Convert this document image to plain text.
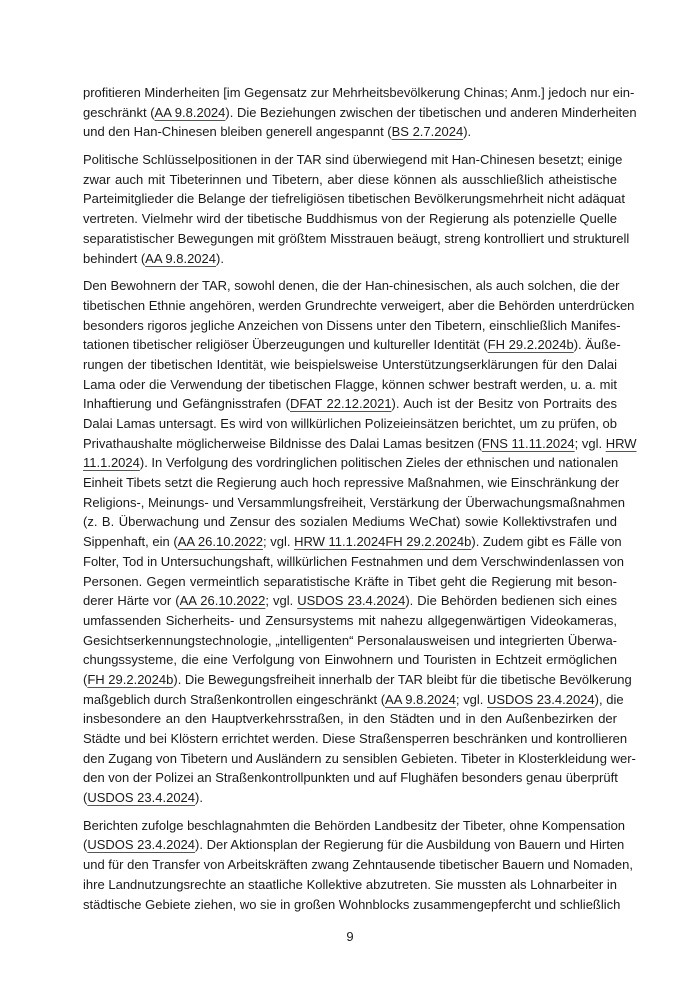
profitieren Minderheiten [im Gegensatz zur Mehrheitsbevölkerung Chinas; Anm.] jedoch nur ein-
geschränkt (AA 9.8.2024). Die Beziehungen zwischen der tibetischen und anderen Minderheiten
und den Han-Chinesen bleiben generell angespannt (BS 2.7.2024).
Politische Schlüsselpositionen in der TAR sind überwiegend mit Han-Chinesen besetzt; einige
zwar auch mit Tibeterinnen und Tibetern, aber diese können als ausschließlich atheistische
Parteimitglieder die Belange der tiefreligiösen tibetischen Bevölkerungsmehrheit nicht adäquat
vertreten. Vielmehr wird der tibetische Buddhismus von der Regierung als potenzielle Quelle
separatistischer Bewegungen mit größtem Misstrauen beäugt, streng kontrolliert und strukturell
behindert (AA 9.8.2024).
Den Bewohnern der TAR, sowohl denen, die der Han-chinesischen, als auch solchen, die der
tibetischen Ethnie angehören, werden Grundrechte verweigert, aber die Behörden unterdrücken
besonders rigoros jegliche Anzeichen von Dissens unter den Tibetern, einschließlich Manifes-
tationen tibetischer religiöser Überzeugungen und kultureller Identität (FH 29.2.2024b). Äuße-
rungen der tibetischen Identität, wie beispielsweise Unterstützungserklärungen für den Dalai
Lama oder die Verwendung der tibetischen Flagge, können schwer bestraft werden, u. a. mit
Inhaftierung und Gefängnisstrafen (DFAT 22.12.2021). Auch ist der Besitz von Portraits des
Dalai Lamas untersagt. Es wird von willkürlichen Polizeieinsätzen berichtet, um zu prüfen, ob
Privathaushalte möglicherweise Bildnisse des Dalai Lamas besitzen (FNS 11.11.2024; vgl. HRW
11.1.2024). In Verfolgung des vordringlichen politischen Zieles der ethnischen und nationalen
Einheit Tibets setzt die Regierung auch hoch repressive Maßnahmen, wie Einschränkung der
Religions-, Meinungs- und Versammlungsfreiheit, Verstärkung der Überwachungsmaßnahmen
(z. B. Überwachung und Zensur des sozialen Mediums WeChat) sowie Kollektivstrafen und
Sippenhaft, ein (AA 26.10.2022; vgl. HRW 11.1.2024FH 29.2.2024b). Zudem gibt es Fälle von
Folter, Tod in Untersuchungshaft, willkürlichen Festnahmen und dem Verschwindenlassen von
Personen. Gegen vermeintlich separatistische Kräfte in Tibet geht die Regierung mit beson-
derer Härte vor (AA 26.10.2022; vgl. USDOS 23.4.2024). Die Behörden bedienen sich eines
umfassenden Sicherheits- und Zensursystems mit nahezu allgegenwärtigen Videokameras,
Gesichtserkennungstechnologie, „intelligenten“ Personalausweisen und integrierten Überwa-
chungssysteme, die eine Verfolgung von Einwohnern und Touristen in Echtzeit ermöglichen
(FH 29.2.2024b). Die Bewegungsfreiheit innerhalb der TAR bleibt für die tibetische Bevölkerung
maßgeblich durch Straßenkontrollen eingeschränkt (AA 9.8.2024; vgl. USDOS 23.4.2024), die
insbesondere an den Hauptverkehrsstraßen, in den Städten und in den Außenbezirken der
Städte und bei Klöstern errichtet werden. Diese Straßensperren beschränken und kontrollieren
den Zugang von Tibetern und Ausländern zu sensiblen Gebieten. Tibeter in Klosterkleidung wer-
den von der Polizei an Straßenkontrollpunkten und auf Flughäfen besonders genau überprüft
(USDOS 23.4.2024).
Berichten zufolge beschlagnahmten die Behörden Landbesitz der Tibeter, ohne Kompensation
(USDOS 23.4.2024). Der Aktionsplan der Regierung für die Ausbildung von Bauern und Hirten
und für den Transfer von Arbeitskräften zwang Zehntausende tibetischer Bauern und Nomaden,
ihre Landnutzungsrechte an staatliche Kollektive abzutreten. Sie mussten als Lohnarbeiter in
städtische Gebiete ziehen, wo sie in großen Wohnblocks zusammengepfercht und schließlich
9
